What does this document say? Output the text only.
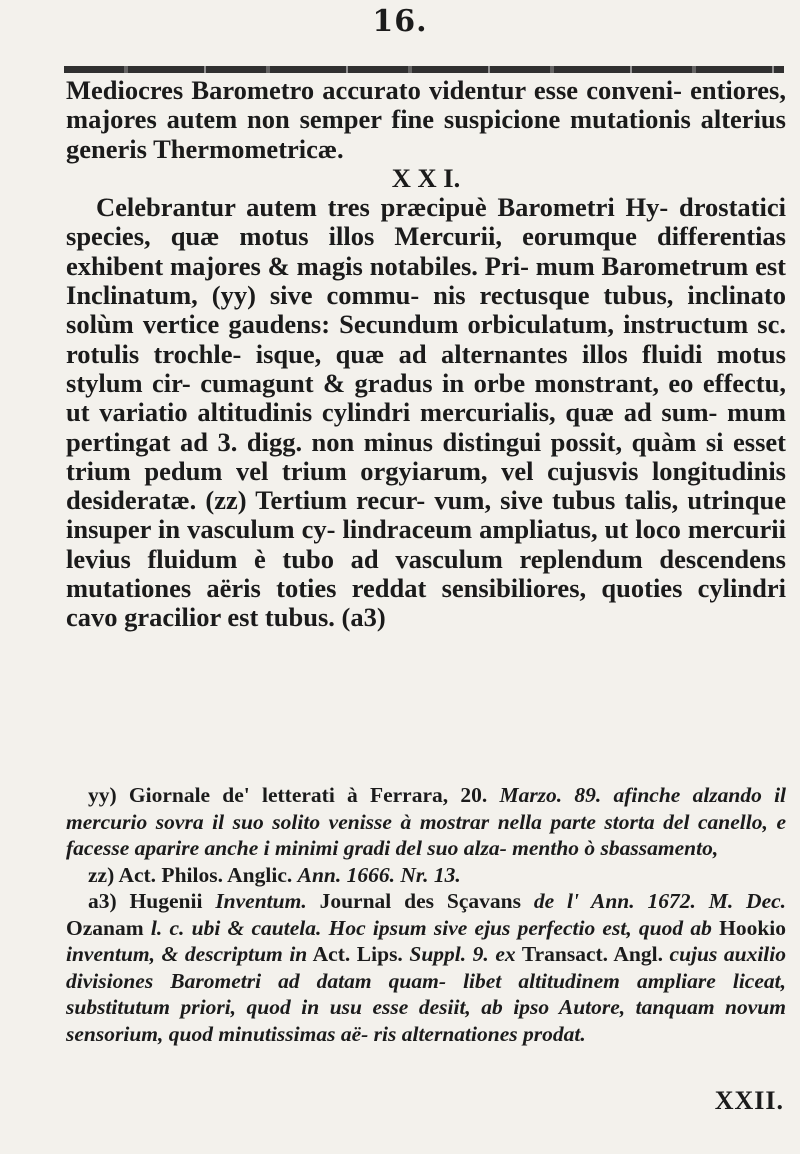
16.

Mediocres Barometro accurato videntur esse conveni- entiores, majores autem non semper fine suspicione mutationis alterius generis Thermometricæ.

X X I.

Celebrantur autem tres præcipuè Barometri Hy- drostatici species, quæ motus illos Mercurii, eorumque differentias exhibent majores & magis notabiles. Pri- mum Barometrum est Inclinatum, (yy) sive commu- nis rectusque tubus, inclinato solùm vertice gaudens: Secundum orbiculatum, instructum sc. rotulis trochle- isque, quæ ad alternantes illos fluidi motus stylum cir- cumagunt & gradus in orbe monstrant, eo effectu, ut variatio altitudinis cylindri mercurialis, quæ ad sum- mum pertingat ad 3. digg. non minus distingui possit, quàm si esset trium pedum vel trium orgyiarum, vel cujusvis longitudinis desideratæ. (zz) Tertium recur- vum, sive tubus talis, utrinque insuper in vasculum cy- lindraceum ampliatus, ut loco mercurii levius fluidum è tubo ad vasculum replendum descendens mutationes aëris toties reddat sensibiliores, quoties cylindri cavo gracilior est tubus. (a3)

yy) Giornale de' letterati à Ferrara, 20. Marzo. 89. afinche alzando il mercurio sovra il suo solito venisse à mostrar nella parte storta del canello, e facesse aparire anche i minimi gradi del suo alza- mentho ò sbassamento,

zz) Act. Philos. Anglic. Ann. 1666. Nr. 13.

a3) Hugenii Inventum. Journal des Sçavans de l' Ann. 1672. M. Dec. Ozanam l. c. ubi & cautela. Hoc ipsum sive ejus perfectio est, quod ab Hookio inventum, & descriptum in Act. Lips. Suppl. 9. ex Transact. Angl. cujus auxilio divisiones Barometri ad datam quam- libet altitudinem ampliare liceat, substitutum priori, quod in usu esse desiit, ab ipso Autore, tanquam novum sensorium, quod minutissimas aë- ris alternationes prodat.

XXII.
